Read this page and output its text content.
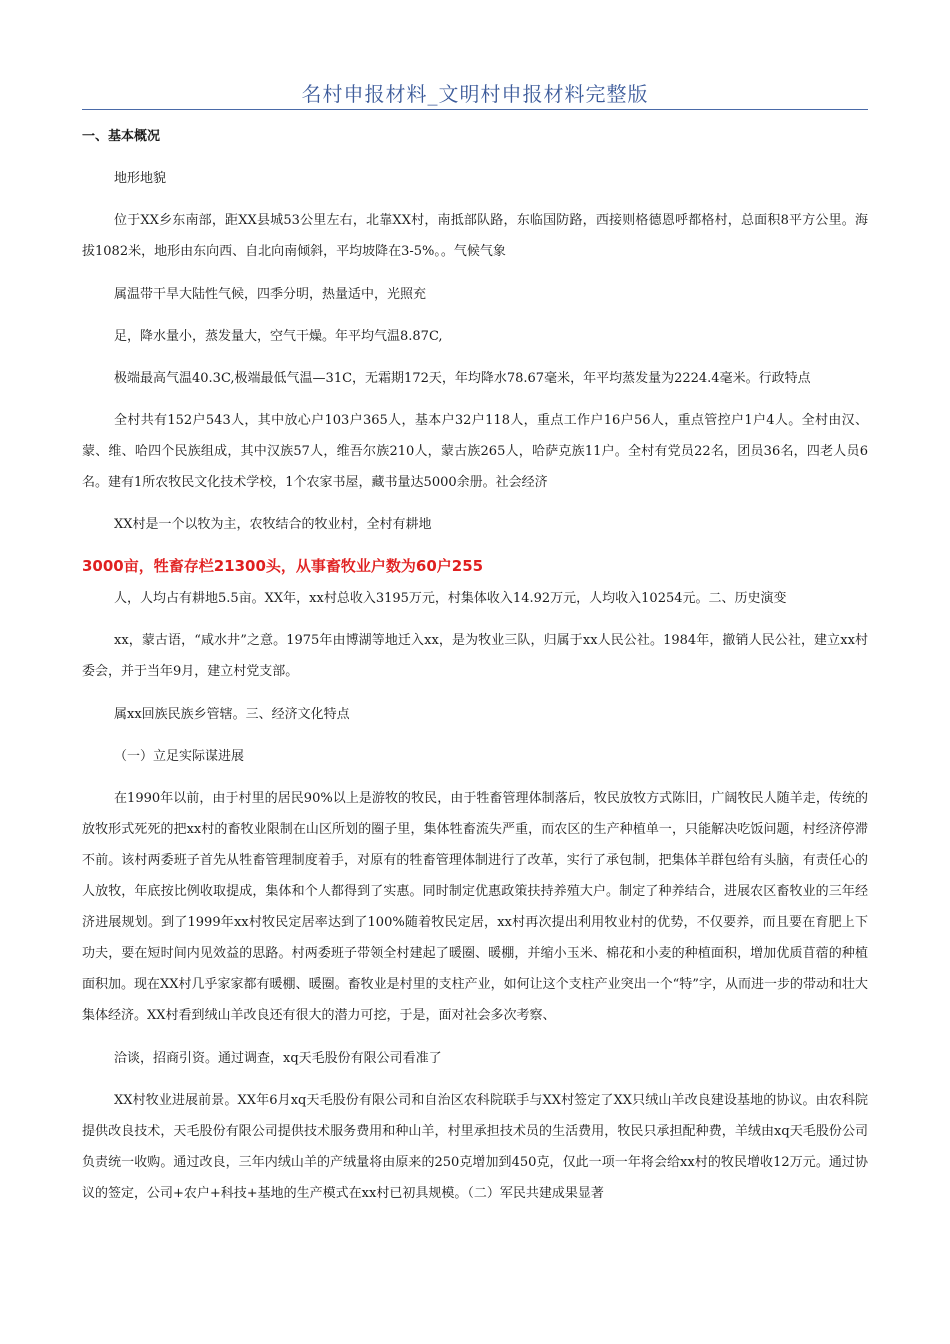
名村申报材料_文明村申报材料完整版

一、基本概况

地形地貌

位于XX乡东南部，距XX县城53公里左右，北靠XX村，南抵部队路，东临国防路，西接则格德恩呼都格村，总面积8平方公里。海拔1082米，地形由东向西、自北向南倾斜，平均坡降在3-5%。。气候气象

属温带干旱大陆性气候，四季分明，热量适中，光照充

足，降水量小，蒸发量大，空气干燥。年平均气温8.87C,

极端最高气温40.3C,极端最低气温—31C，无霜期172天，年均降水78.67毫米，年平均蒸发量为2224.4毫米。行政特点

全村共有152户543人，其中放心户103户365人，基本户32户118人，重点工作户16户56人，重点管控户1户4人。全村由汉、蒙、维、哈四个民族组成，其中汉族57人，维吾尔族210人，蒙古族265人，哈萨克族11户。全村有党员22名，团员36名，四老人员6名。建有1所农牧民文化技术学校，1个农家书屋，藏书量达5000余册。社会经济

XX村是一个以牧为主，农牧结合的牧业村，全村有耕地

3000亩，牲畜存栏21300头，从事畜牧业户数为60户255

人，人均占有耕地5.5亩。XX年，xx村总收入3195万元，村集体收入14.92万元，人均收入10254元。二、历史演变

xx，蒙古语，“咸水井”之意。1975年由博湖等地迁入xx，是为牧业三队，归属于xx人民公社。1984年，撤销人民公社，建立xx村委会，并于当年9月，建立村党支部。

属xx回族民族乡管辖。三、经济文化特点

（一）立足实际谋进展

在1990年以前，由于村里的居民90%以上是游牧的牧民，由于牲畜管理体制落后，牧民放牧方式陈旧，广阔牧民人随羊走，传统的放牧形式死死的把xx村的畜牧业限制在山区所划的圈子里，集体牲畜流失严重，而农区的生产种植单一，只能解决吃饭问题，村经济停滞不前。该村两委班子首先从牲畜管理制度着手，对原有的牲畜管理体制进行了改革，实行了承包制，把集体羊群包给有头脑，有责任心的人放牧，年底按比例收取提成，集体和个人都得到了实惠。同时制定优惠政策扶持养殖大户。制定了种养结合，进展农区畜牧业的三年经济进展规划。到了1999年xx村牧民定居率达到了100%随着牧民定居，xx村再次提出利用牧业村的优势，不仅要养，而且要在育肥上下功夫，要在短时间内见效益的思路。村两委班子带领全村建起了暖圈、暖棚，并缩小玉米、棉花和小麦的种植面积，增加优质苜蓿的种植面积加。现在XX村几乎家家都有暖棚、暖圈。畜牧业是村里的支柱产业，如何让这个支柱产业突出一个“特”字，从而进一步的带动和壮大集体经济。XX村看到绒山羊改良还有很大的潜力可挖，于是，面对社会多次考察、

洽谈，招商引资。通过调查，xq天毛股份有限公司看准了

XX村牧业进展前景。XX年6月xq天毛股份有限公司和自治区农科院联手与XX村签定了XX只绒山羊改良建设基地的协议。由农科院提供改良技术，天毛股份有限公司提供技术服务费用和种山羊，村里承担技术员的生活费用，牧民只承担配种费，羊绒由xq天毛股份公司负责统一收购。通过改良，三年内绒山羊的产绒量将由原来的250克增加到450克，仅此一项一年将会给xx村的牧民增收12万元。通过协议的签定，公司+农户+科技+基地的生产模式在xx村已初具规模。（二）军民共建成果显著
